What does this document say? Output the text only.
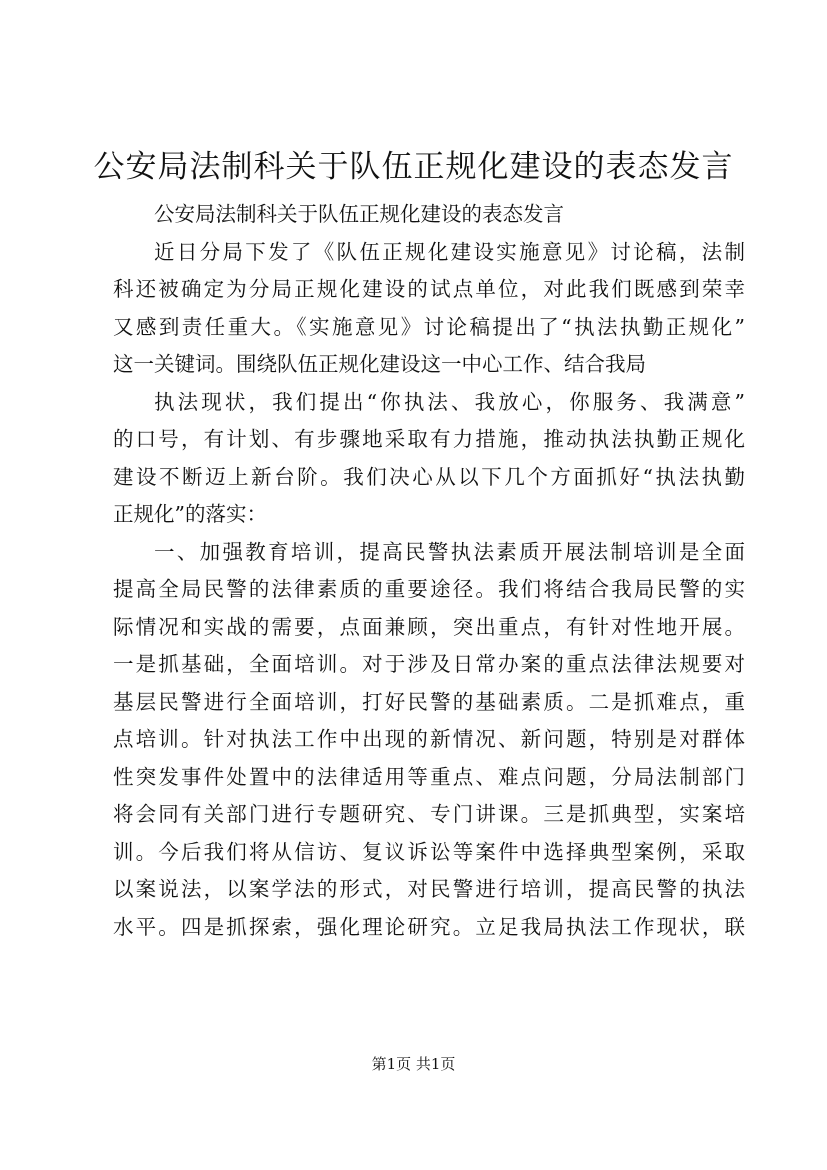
公安局法制科关于队伍正规化建设的表态发言
公安局法制科关于队伍正规化建设的表态发言
近日分局下发了《队伍正规化建设实施意见》讨论稿，法制
科还被确定为分局正规化建设的试点单位，对此我们既感到荣幸
又感到责任重大。《实施意见》讨论稿提出了“执法执勤正规化”
这一关键词。围绕队伍正规化建设这一中心工作、结合我局
执法现状，我们提出“你执法、我放心，你服务、我满意”
的口号，有计划、有步骤地采取有力措施，推动执法执勤正规化
建设不断迈上新台阶。我们决心从以下几个方面抓好“执法执勤
正规化”的落实：
一、加强教育培训，提高民警执法素质开展法制培训是全面
提高全局民警的法律素质的重要途径。我们将结合我局民警的实
际情况和实战的需要，点面兼顾，突出重点，有针对性地开展。
一是抓基础，全面培训。对于涉及日常办案的重点法律法规要对
基层民警进行全面培训，打好民警的基础素质。二是抓难点，重
点培训。针对执法工作中出现的新情况、新问题，特别是对群体
性突发事件处置中的法律适用等重点、难点问题，分局法制部门
将会同有关部门进行专题研究、专门讲课。三是抓典型，实案培
训。今后我们将从信访、复议诉讼等案件中选择典型案例，采取
以案说法，以案学法的形式，对民警进行培训，提高民警的执法
水平。四是抓探索，强化理论研究。立足我局执法工作现状，联
第1页 共1页
